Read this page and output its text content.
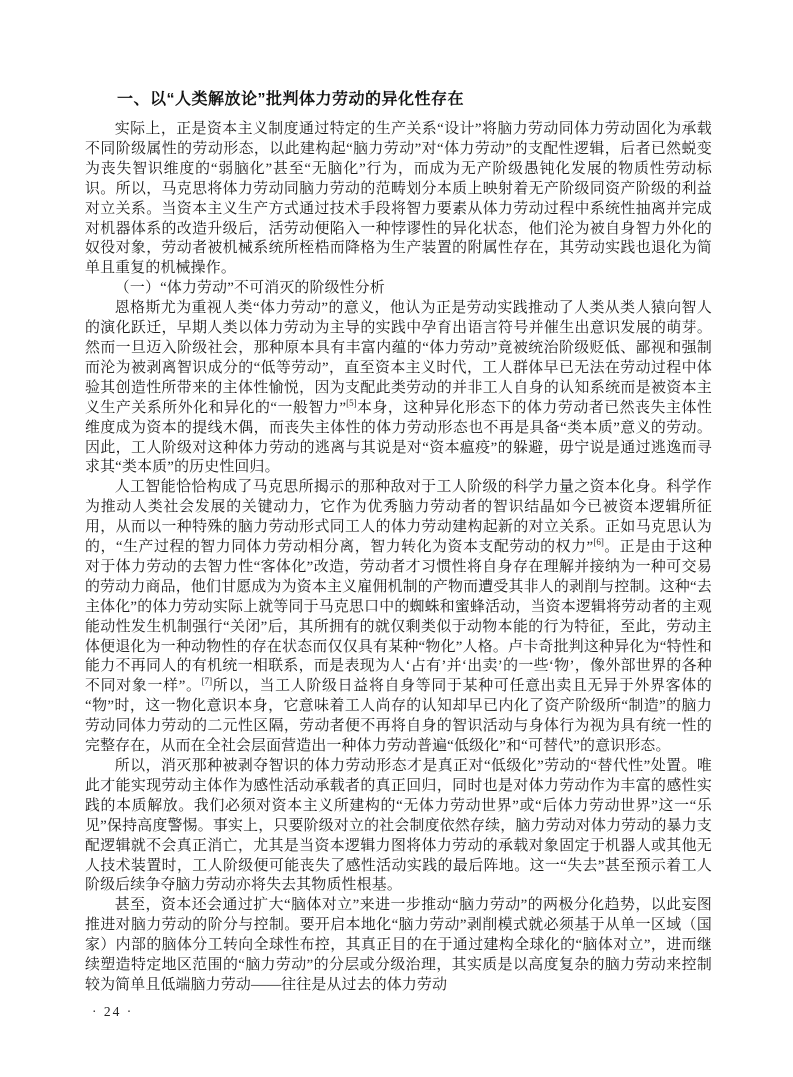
一、以“人类解放论”批判体力劳动的异化性存在

实际上，正是资本主义制度通过特定的生产关系“设计”将脑力劳动同体力劳动固化为承载不同阶级属性的劳动形态，以此建构起“脑力劳动”对“体力劳动”的支配性逻辑，后者已然蜕变为丧失智识维度的“弱脑化”甚至“无脑化”行为，而成为无产阶级愚钝化发展的物质性劳动标识。所以，马克思将体力劳动同脑力劳动的范畴划分本质上映射着无产阶级同资产阶级的利益对立关系。当资本主义生产方式通过技术手段将智力要素从体力劳动过程中系统性抽离并完成对机器体系的改造升级后，活劳动便陷入一种悖谬性的异化状态，他们沦为被自身智力外化的奴役对象，劳动者被机械系统所桎梏而降格为生产装置的附属性存在，其劳动实践也退化为简单且重复的机械操作。

（一）“体力劳动”不可消灭的阶级性分析

恩格斯尤为重视人类“体力劳动”的意义，他认为正是劳动实践推动了人类从类人猿向智人的演化跃迁，早期人类以体力劳动为主导的实践中孕育出语言符号并催生出意识发展的萌芽。然而一旦迈入阶级社会，那种原本具有丰富内蕴的“体力劳动”竟被统治阶级贬低、鄙视和强制而沦为被剥离智识成分的“低等劳动”，直至资本主义时代，工人群体早已无法在劳动过程中体验其创造性所带来的主体性愉悦，因为支配此类劳动的并非工人自身的认知系统而是被资本主义生产关系所外化和异化的“一般智力”[5]本身，这种异化形态下的体力劳动者已然丧失主体性维度成为资本的提线木偶，而丧失主体性的体力劳动形态也不再是具备“类本质”意义的劳动。因此，工人阶级对这种体力劳动的逃离与其说是对“资本瘟疫”的躲避，毋宁说是通过逃逸而寻求其“类本质”的历史性回归。

人工智能恰恰构成了马克思所揭示的那种敌对于工人阶级的科学力量之资本化身。科学作为推动人类社会发展的关键动力，它作为优秀脑力劳动者的智识结晶如今已被资本逻辑所征用，从而以一种特殊的脑力劳动形式同工人的体力劳动建构起新的对立关系。正如马克思认为的，“生产过程的智力同体力劳动相分离，智力转化为资本支配劳动的权力”[6]。正是由于这种对于体力劳动的去智力性“客体化”改造，劳动者才习惯性将自身存在理解并接纳为一种可交易的劳动力商品，他们甘愿成为为资本主义雇佣机制的产物而遭受其非人的剥削与控制。这种“去主体化”的体力劳动实际上就等同于马克思口中的蜘蛛和蜜蜂活动，当资本逻辑将劳动者的主观能动性发生机制强行“关闭”后，其所拥有的就仅剩类似于动物本能的行为特征，至此，劳动主体便退化为一种动物性的存在状态而仅仅具有某种“物化”人格。卢卡奇批判这种异化为“特性和能力不再同人的有机统一相联系，而是表现为人‘占有’并‘出卖’的一些‘物’，像外部世界的各种不同对象一样”。[7]所以，当工人阶级日益将自身等同于某种可任意出卖且无异于外界客体的“物”时，这一物化意识本身，它意味着工人尚存的认知却早已内化了资产阶级所“制造”的脑力劳动同体力劳动的二元性区隔，劳动者便不再将自身的智识活动与身体行为视为具有统一性的完整存在，从而在全社会层面营造出一种体力劳动普遍“低级化”和“可替代”的意识形态。

所以，消灭那种被剥夺智识的体力劳动形态才是真正对“低级化”劳动的“替代性”处置。唯此才能实现劳动主体作为感性活动承载者的真正回归，同时也是对体力劳动作为丰富的感性实践的本质解放。我们必须对资本主义所建构的“无体力劳动世界”或“后体力劳动世界”这一“乐见”保持高度警惕。事实上，只要阶级对立的社会制度依然存续，脑力劳动对体力劳动的暴力支配逻辑就不会真正消亡，尤其是当资本逻辑力图将体力劳动的承载对象固定于机器人或其他无人技术装置时，工人阶级便可能丧失了感性活动实践的最后阵地。这一“失去”甚至预示着工人阶级后续争夺脑力劳动亦将失去其物质性根基。

甚至，资本还会通过扩大“脑体对立”来进一步推动“脑力劳动”的两极分化趋势，以此妄图推进对脑力劳动的阶分与控制。要开启本地化“脑力劳动”剥削模式就必须基于从单一区域（国家）内部的脑体分工转向全球性布控，其真正目的在于通过建构全球化的“脑体对立”，进而继续塑造特定地区范围的“脑力劳动”的分层或分级治理，其实质是以高度复杂的脑力劳动来控制较为简单且低端脑力劳动——往往是从过去的体力劳动

· 24 ·
